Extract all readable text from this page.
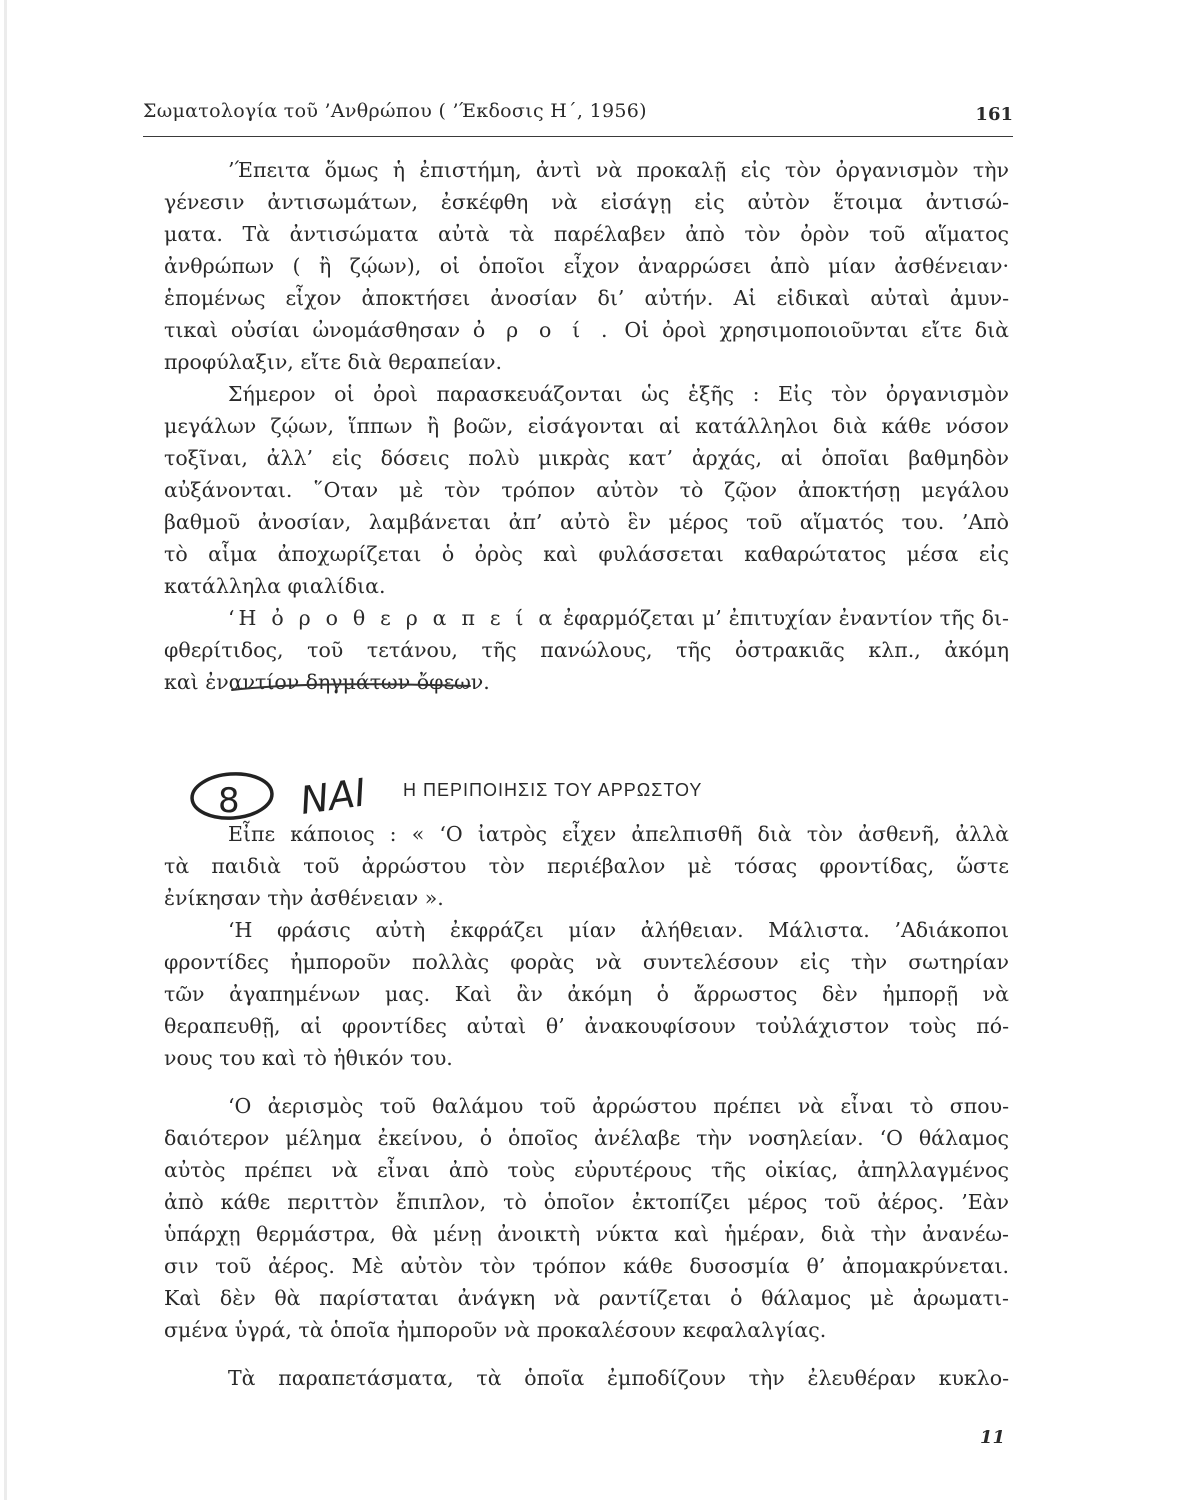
Σωματολογία τοῦ ’Ανθρώπου ( ’Έκδοσις Η΄, 1956)	161
’Έπειτα ὅμως ἡ ἐπιστήμη, ἀντὶ νὰ προκαλῇ εἰς τὸν ὀργανισμὸν τὴν
γένεσιν ἀντισωμάτων, ἐσκέφθη νὰ εἰσάγῃ εἰς αὐτὸν ἕτοιμα ἀντισώ-
ματα. Τὰ ἀντισώματα αὐτὰ τὰ παρέλαβεν ἀπὸ τὸν ὀρὸν τοῦ αἵματος
ἀνθρώπων ( ἢ ζῴων), οἱ ὁποῖοι εἶχον ἀναρρώσει ἀπὸ μίαν ἀσθένειαν·
ἑπομένως εἶχον ἀποκτήσει ἀνοσίαν δι’ αὐτήν. Αἱ εἰδικαὶ αὐταὶ ἀμυν-
τικαὶ οὐσίαι ὠνομάσθησαν ὀ ρ ο ί . Οἱ ὀροὶ χρησιμοποιοῦνται εἴτε διὰ
προφύλαξιν, εἴτε διὰ θεραπείαν.
Σήμερον οἱ ὀροὶ παρασκευάζονται ὡς ἑξῆς : Εἰς τὸν ὀργανισμὸν
μεγάλων ζῴων, ἵππων ἢ βοῶν, εἰσάγονται αἱ κατάλληλοι διὰ κάθε νόσον
τοξῖναι, ἀλλ’ εἰς δόσεις πολὺ μικρὰς κατ’ ἀρχάς, αἱ ὁποῖαι βαθμηδὸν
αὐξάνονται. ῞Οταν μὲ τὸν τρόπον αὐτὸν τὸ ζῷον ἀποκτήσῃ μεγάλου
βαθμοῦ ἀνοσίαν, λαμβάνεται ἀπ’ αὐτὸ ἓν μέρος τοῦ αἵματός του. ’Απὸ
τὸ αἷμα ἀποχωρίζεται ὁ ὀρὸς καὶ φυλάσσεται καθαρώτατος μέσα εἰς
κατάλληλα φιαλίδια.
‘Η ὀ ρ ο θ ε ρ α π ε ί α ἐφαρμόζεται μ’ ἐπιτυχίαν ἐναντίον τῆς δι-
φθερίτιδος, τοῦ τετάνου, τῆς πανώλους, τῆς ὀστρακιᾶς κλπ., ἀκόμη
καὶ ἐναντίον δηγμάτων ὄφεων.
Η ΠΕΡΙΠΟΙΗΣΙΣ ΤΟΥ ΑΡΡΩΣΤΟΥ
Εἶπε κάποιος : « ‘Ο ἰατρὸς εἶχεν ἀπελπισθῆ διὰ τὸν ἀσθενῆ, ἀλλὰ
τὰ παιδιὰ τοῦ ἀρρώστου τὸν περιέβαλον μὲ τόσας φροντίδας, ὥστε
ἐνίκησαν τὴν ἀσθένειαν ».
‘Η φράσις αὐτὴ ἐκφράζει μίαν ἀλήθειαν. Μάλιστα. ’Αδιάκοποι
φροντίδες ἠμποροῦν πολλὰς φορὰς νὰ συντελέσουν εἰς τὴν σωτηρίαν
τῶν ἀγαπημένων μας. Καὶ ἂν ἀκόμη ὁ ἄρρωστος δὲν ἠμπορῇ νὰ
θεραπευθῇ, αἱ φροντίδες αὐταὶ θ’ ἀνακουφίσουν τοὐλάχιστον τοὺς πό-
νους του καὶ τὸ ἠθικόν του.
‘Ο ἀερισμὸς τοῦ θαλάμου τοῦ ἀρρώστου πρέπει νὰ εἶναι τὸ σπου-
δαιότερον μέλημα ἐκείνου, ὁ ὁποῖος ἀνέλαβε τὴν νοσηλείαν. ‘Ο θάλαμος
αὐτὸς πρέπει νὰ εἶναι ἀπὸ τοὺς εὐρυτέρους τῆς οἰκίας, ἀπηλλαγμένος
ἀπὸ κάθε περιττὸν ἔπιπλον, τὸ ὁποῖον ἐκτοπίζει μέρος τοῦ ἀέρος. ’Εὰν
ὑπάρχῃ θερμάστρα, θὰ μένῃ ἀνοικτὴ νύκτα καὶ ἡμέραν, διὰ τὴν ἀνανέω-
σιν τοῦ ἀέρος. Μὲ αὐτὸν τὸν τρόπον κάθε δυσοσμία θ’ ἀπομακρύνεται.
Καὶ δὲν θὰ παρίσταται ἀνάγκη νὰ ραντίζεται ὁ θάλαμος μὲ ἀρωματι-
σμένα ὑγρά, τὰ ὁποῖα ἠμποροῦν νὰ προκαλέσουν κεφαλαλγίας.
Τὰ παραπετάσματα, τὰ ὁποῖα ἐμποδίζουν τὴν ἐλευθέραν κυκλο-
11
8 ΝΑΙ
